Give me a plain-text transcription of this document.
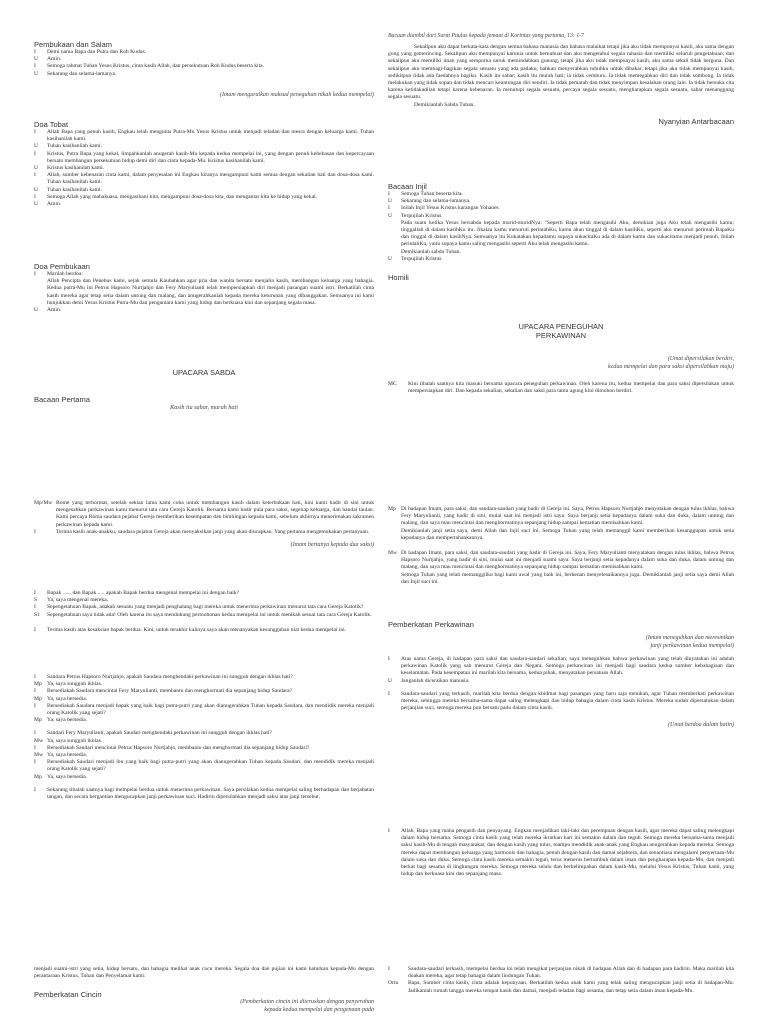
Pembukaan dan Salam
I	Demi nama Bapa dan Putra dan Roh Kudus.
U	Amin.
I	Semoga rahmat Tuhan Yesus Kristus, cinta kasih Allah, dan persekutuan Roh Kudus beserta kita.
U	Sekarang dan selama-lamanya.
(Imam menguraikan maksud peneguhan nikah kedua mempelai)
Doa Tobat
I	Allah Bapa yang penuh kasih, Engkau telah mengutus Putra-Mu Yesus Kristus untuk menjadi teladan dan mesra dengan keluarga kami. Tuhan kasihanilah kami.
U	Tuhan kasihanilah kami.
I	Kristus, Putra Bapa yang kekal, limpahkanlah anugerah kasih-Mu kepada kedua mempelai ini, yang dengan penuh kebebasan dan kepercayaan bersatu membangun persekutuan hidup demi diri dan cinta kepada-Mu. Kristus kasihanilah kami.
U	Kristus kasihanilah kami.
I	Allah, sumber kebenaran cinta kami, dalam penyesalan ini Engkau kiranya mengampuni kami semua dengan sekalian hati dan dosa-dosa kami. Tuhan kasihanilah kami.
U	Tuhan kasihanilah kami.
I	Semoga Allah yang mahakuasa, mengasihani kita, mengampuni dosa-dosa kita, dan mengantar kita ke hidup yang kekal.
U	Amin.
Doa Pembukaan
I	Marilah berdoa:
Allah Pencipta dan Penebus kami, sejak semula Kaubahkan agar pria dan wanita bersatu menjalin kasih, membangun keluarga yang bahagia. Kedua putra-Mu ini Petrus Hapsoro Nurtjahjo dan Fery Maryulianti telah mempersiapkan diri menjadi pasangan suami istri. Berkatilah cinta kasih mereka agar tetap setia dalam untung dan malang, dan anugerahkanlah kepada mereka keturunan yang dibanggakan. Semuanya ini kami hunjukkan demi Yesus Kristus Putra-Mu dan pengantara kami yang hidup dan berkuasa kini dan sepanjang segala masa.
U	Amin.
UPACARA SABDA
Bacaan Pertama
Kasih itu sabar, murah hati
Bacaan diambil dari Surat Paulus kepada jemaat di Korintus yang pertama, 13: 1-7
Sekalipun aku dapat berkata-kata dengan semua bahasa manusia dan bahasa malaikat tetapi jika aku tidak mempunyai kasih, aku sama dengan gong yang gemerincing. Sekalipun aku mempunyai karunia untuk bernubuat dan aku mengetahui segala rahasia dan memiliki seluruh pengetahuan; dan sekalipun aku memiliki iman yang sempurna untuk memindahkan gunung, tetapi jika aku tidak mempunyai kasih, aku sama sekali tidak berguna. Dan sekalipun aku membagi-bagikan segala sesuatu yang ada padaku, bahkan menyerahkan tubuhku untuk dibakar, tetapi jika aku tidak mempunyai kasih, sedikitpun tidak ada faedahnya bagiku. Kasih itu sabar; kasih itu murah hati; ia tidak cemburu. Ia tidak memegahkan diri dan tidak sombong. Ia tidak melakukan yang tidak sopan dan tidak mencari keuntungan diri sendiri. Ia tidak pemarah dan tidak menyimpan kesalahan orang lain. Ia tidak bersuka cita karena ketidakadilan tetapi karena kebenaran. Ia menutupi segala sesuatu, percaya segala sesuatu, mengharapkan segala sesuatu, sabar menanggung segala sesuatu.
Demikianlah Sabda Tuhan.
Nyanyian Antarbacaan
Bacaan Injil
I	Semoga Tuhan beserta kita.
U	Sekarang dan selama-lamanya.
I	Inilah Injil Yesus Kristus karangan Yohanes
U	Terpujilah Kristus
Pada suatu ketika Yesus bersabda kepada murid-muridNya: "Seperti Bapa telah mengasihi Aku, demikian juga Aku telah mengasihi kamu; tinggallah di dalam kasihKu itu. Jikalau kamu menuruti perintahKu, kamu akan tinggal di dalam kasihKu, seperti aku menuruti perintah BapaKu dan tinggal di dalam kasihNya. Semuanya itu Kukatakan kepadamu supaya sukacitaKu ada di dalam kamu dan sukacitamu menjadi penuh. Inilah perintahKu, yaitu supaya kamu saling mengasihi seperti Aku telah mengasihi kamu.
Demikianlah sabda Tuhan.
U	Terpujilah Kristus
Homili
UPACARA PENEGUHAN
PERKAWINAN
(Umat dipersilakan berdiri,
kedua mempelai dan para saksi dipersilahkan maju)
MC	Kini tibalah saatnya kita masuki bersama upacara peneguhan perkawinan. Oleh karena itu, kedua mempelai dan para saksi dipersilakan untuk mempersiapkan diri. Dan kepada sekalian, sekalian dan saksi para tamu agung kini dimohon berdiri.
Mp/Mw Rome yang terhormat, setelah sekian lama kami coba untuk membangun kasih dalam keterbukaan hati, kini kami hadir di sini untuk mengesahkan perkawinan kami menurut tata cara Gereja Katolik. Bersama kami hadir pula para saksi, segenap keluarga, dan handai taulan. Kami percaya Roma saudara pejabat Gereja memberikan kesempatan dan bimbingan kepada kami, sebelum akhirnya menerimakan sakramen perkawinan kepada kami.
I	Terima kasih anak-anakku, saudara pejabat Gereja akan menyaksikan janji yang akan diucapkan. Yang pertama mengemukakan pertanyaan.
(Imam bertanya kepada dua saksi)
I	Bapak ...... dan Bapak ..... apakah Bapak berdua mengenal mempelai ini dengan baik?
S	Ya, saya mengenal mereka.
I	Sepengetahuan Bapak, adakah sesuatu yang menjadi penghalang bagi mereka untuk menerima perkawinan menurut tata cara Gereja Katolik?
S1	Sepengetahuan saya tidak ada! Oleh karena itu saya mendukung permohonan kedua mempelai ini untuk menikah sesuai tata cara Gereja Katolik.
I	Terima kasih atas kesaksian bapak berdua. Kini, untuk terakhir kalinya saya akan menanyakan kesungguhan niat kedua mempelai ini.
I	Saudara Petrus Hapsoro Nurtjahjo, apakah Saudara menghendaki perkawinan ini sungguh dengan ikhlas hati?
Mp Ya, saya sungguh ikhlas.
I	Bersediakah Saudara mencintai Fery Maryulianti, membantu dan menghormati dia sepanjang hidup Saudara?
Mp Ya, saya bersedia.
I	Bersediakah Saudara menjadi bapak yang baik bagi putra-putri yang akan dianugerahkan Tuhan kepada Saudara, dan mendidik mereka menjadi orang Katolik yang sejati?
Mp Ya, saya bersedia.
I	Saudari Fery Maryulianti, apakah Saudari menghendaki perkawinan ini sungguh dengan ikhlas hati?
Mw Ya, saya sungguh ikhlas.
I	Bersediakah Saudari mencintai Petrus Hapsoro Nurtjahjo, membantu dan menghormati dia sepanjang hidup Saudari?
Mw Ya, saya bersedia.
I	Bersediakah Saudari menjadi ibu yang baik bagi putra-putri yang akan dianugerahkan Tuhan kepada Saudari, dan mendidik mereka menjadi orang Katolik yang sejati?
Mp Ya, saya bersedia.
I	Sekarang tibalah saatnya bagi mempelai berdua untuk menerima perkawinan. Saya persilakan kedua mempelai saling berhadapan dan berjabatan tangan, dan secara bergantian mengucapkan janji perkawinan suci. Hadirin dipersilahkan menjadi saksi atas janji tersebut.
Mp Di hadapan Imam, para saksi, dan saudara-saudari yang hadir di Gereja ini. Saya, Petrus Hapsoro Nurtjahjo menyatakan dengan tulus ikhlas, bahwa Fery Maryulianti, yang hadir di sini, mulai saat ini menjadi istri saya. Saya berjanji setia kepadanya dalam suka dan duka, dalam untung dan malang, dan saya mau mencintai dan menghormatinya sepanjang hidup sampai kematian memisahkan kami.
Demikianlah janji setia saya, demi Allah dan Injil suci ini. Semoga Tuhan yang telah memanggil kami memberikan kesanggupan untuk setia kepadanya dan mempertahankannya.
Mw Di hadapan Imam, para saksi, dan saudara-saudari yang hadir di Gereja ini. Saya, Fery Maryulianti menyatakan dengan tulus ikhlas, bahwa Petrus Hapsoro Nurtjahjo, yang hadir di sini, mulai saat ini menjadi suami saya. Saya berjanji setia kepadanya dalam suka dan duka, dalam untung dan malang, dan saya mau mencintai dan menghormatinya sepanjang hidup sampai kematian memisahkan kami.
Semoga Tuhan yang telah memanggilku bagi kami awal yang baik ini, berkenan menyelesaikannya juga. Demikianlah janji setia saya demi Allah dan Injil suci ini.
Pemberkatan Perkawinan
(Imam meneguhkan dan meresmikan
janji perkawinan kedua mempelai)
I	Atas nama Gereja, di hadapan para saksi dan saudara-saudari sekalian, saya meneguhkan bahwa perkawinan yang telah dinyatakan ini adalah perkawinan Katolik yang sah menurut Gereja dan Negara. Semoga perkawinan ini menjadi bagi saudara kedua sumber kebahagiaan dan keselamatan. Pada kesempatan ini marilah kita bersama, kedua pihak, menyatakan persatuan Allah.
U	Janganlah diceraikan manusia.
I	Saudara-saudari yang terkasih, marilah kita berdoa dengan khidmat bagi pasangan yang baru saja menikah, agar Tuhan memberkati perkawinan mereka, sehingga mereka bersama-sama dapat saling melengkapi dan hidup bahagia dalam cinta kasih Kristus. Mereka sudah dipersatukan dalam perjanjian suci, semoga mereka pun bersatu padu dalam cinta kasih.
(Umat berdoa dalam batin)
I	Allah, Bapa yang maha pengasih dan penyayang. Engkau menjadikan laki-laki dan perempuan dengan kasih, agar mereka dapat saling melengkapi dalam hidup bersama. Semoga cinta kasih yang telah mereka ikrarkan hari ini semakin dalam dan teguh. Semoga mereka bersama-sama menjadi saksi kasih-Mu di tengah masyarakat, dan dengan kasih yang tulus, mampu mendidik anak-anak yang Engkau anugerahkan kepada mereka. Semoga mereka dapat membangun keluarga yang harmonis dan bahagia, penuh dengan kasih dan damai sejahtera, dan senantiasa mengalami penyertaan-Mu dalam suka dan duka. Semoga cinta kasih mereka semakin teguh, terus menerus bertumbuh dalam iman dan pengharapan kepada-Mu, dan menjadi berkat bagi sesama di lingkungan mereka. Semoga mereka selalu dan berkelimpahan dalam kasih-Mu, melalui Yesus Kristus, Tuhan kami, yang hidup dan berkuasa kini dan sepanjang masa.
menjadi suami-istri yang setia, hidup bersatu, dan bahagia melihat anak cucu mereka. Segala doa dan pujian ini kami haturkan kepada-Mu dengan perantaraan Kristus, Tuhan dan Penyelamat kami.
Pemberkatan Cincin
(Pemberkatan cincin ini diteruskan dengan penyerahan
kepada kedua mempelai dan pengenaan pada
I	Saudara-saudari terkasih, mempelai berdua ini telah mengikat perjanjian nikah di hadapan Allah dan di hadapan para hadirin. Maka marilah kita doakan mereka, agar tetap bahagia dalam lindungan Tuhan.
Ortu	Bapa, Sumber cinta kasih, cinta adalah kepunyaan. Berkatilah kedua anak kami yang telah saling mengucapkan janji setia di hadapan-Mu. Jadikanlah rumah tangga mereka tempat kasih dan damai, menjadi teladan bagi sesama, dan tetap setia dalam iman kepada-Mu.
